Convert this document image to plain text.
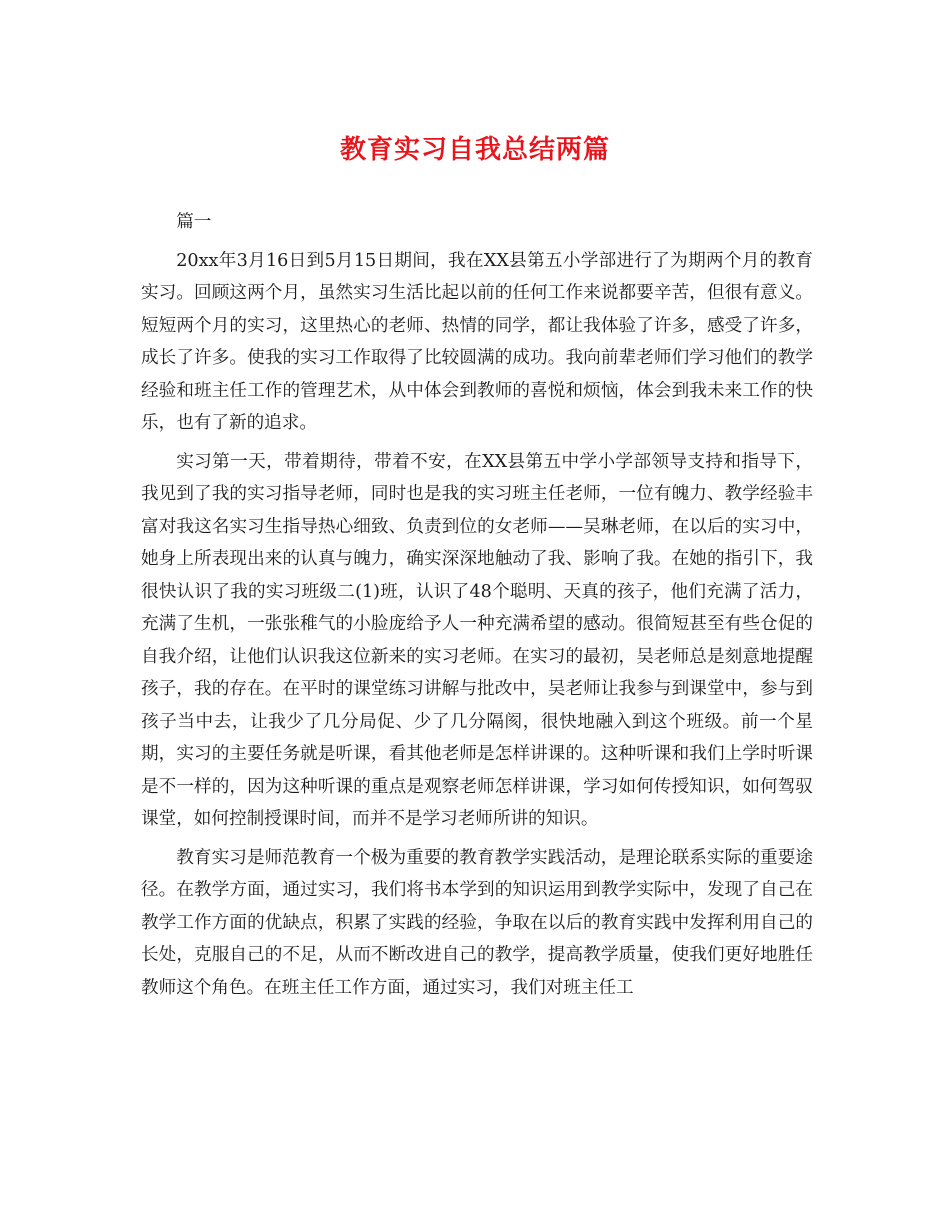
教育实习自我总结两篇

篇一

20xx年3月16日到5月15日期间，我在XX县第五小学部进行了为期两个月的教育实习。回顾这两个月，虽然实习生活比起以前的任何工作来说都要辛苦，但很有意义。短短两个月的实习，这里热心的老师、热情的同学，都让我体验了许多，感受了许多，成长了许多。使我的实习工作取得了比较圆满的成功。我向前辈老师们学习他们的教学经验和班主任工作的管理艺术，从中体会到教师的喜悦和烦恼，体会到我未来工作的快乐，也有了新的追求。

实习第一天，带着期待，带着不安，在XX县第五中学小学部领导支持和指导下，我见到了我的实习指导老师，同时也是我的实习班主任老师，一位有魄力、教学经验丰富对我这名实习生指导热心细致、负责到位的女老师——吴琳老师，在以后的实习中，她身上所表现出来的认真与魄力，确实深深地触动了我、影响了我。在她的指引下，我很快认识了我的实习班级二(1)班，认识了48个聪明、天真的孩子，他们充满了活力，充满了生机，一张张稚气的小脸庞给予人一种充满希望的感动。很简短甚至有些仓促的自我介绍，让他们认识我这位新来的实习老师。在实习的最初，吴老师总是刻意地提醒孩子，我的存在。在平时的课堂练习讲解与批改中，吴老师让我参与到课堂中，参与到孩子当中去，让我少了几分局促、少了几分隔阂，很快地融入到这个班级。前一个星期，实习的主要任务就是听课，看其他老师是怎样讲课的。这种听课和我们上学时听课是不一样的，因为这种听课的重点是观察老师怎样讲课，学习如何传授知识，如何驾驭课堂，如何控制授课时间，而并不是学习老师所讲的知识。

教育实习是师范教育一个极为重要的教育教学实践活动，是理论联系实际的重要途径。在教学方面，通过实习，我们将书本学到的知识运用到教学实际中，发现了自己在教学工作方面的优缺点，积累了实践的经验，争取在以后的教育实践中发挥利用自己的长处，克服自己的不足，从而不断改进自己的教学，提高教学质量，使我们更好地胜任教师这个角色。在班主任工作方面，通过实习，我们对班主任工
